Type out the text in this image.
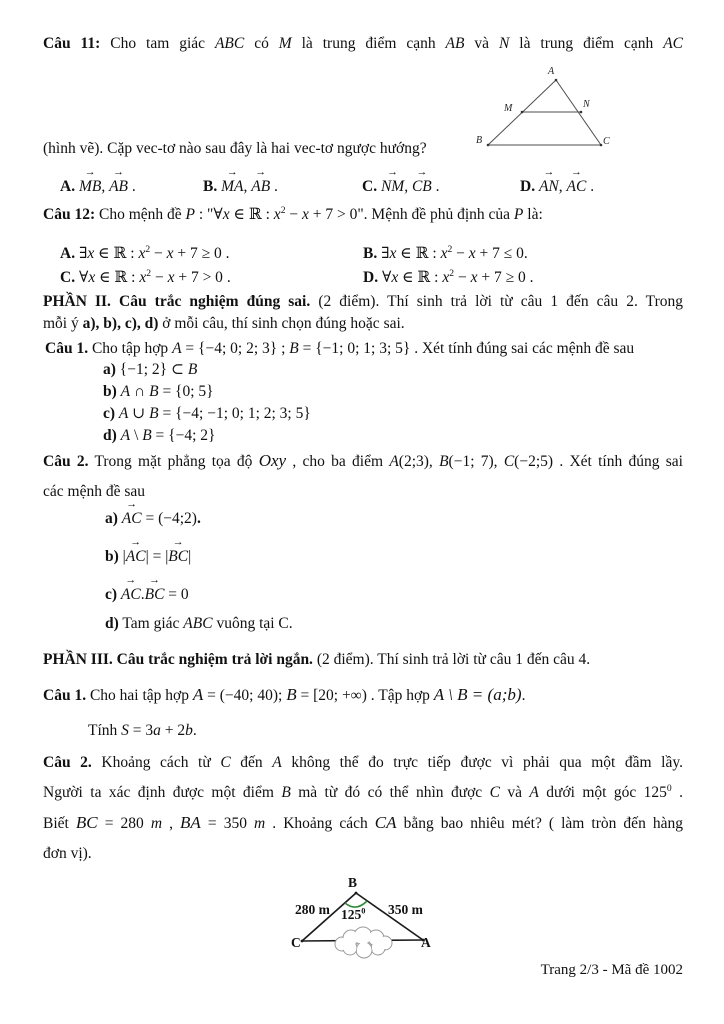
Câu 11: Cho tam giác ABC có M là trung điểm cạnh AB và N là trung điểm cạnh AC
A
M	N
B	C
(hình vẽ). Cặp vec-tơ nào sau đây là hai vec-tơ ngược hướng?
A. MB →, AB → .	B. MA →, AB → .	C. NM →, CB → .	D. AN →, AC → .
Câu 12: Cho mệnh đề P : "∀x ∈ ℝ : $x^2 - x + 7 > 0$". Mệnh đề phủ định của P là:
A. ∃x ∈ ℝ : $x^2 - x + 7 \ge 0$ .	B. ∃x ∈ ℝ : $x^2 - x + 7 \le 0$.
C. ∀x ∈ ℝ : $x^2 - x + 7 > 0$ .	D. ∀x ∈ ℝ : $x^2 - x + 7 \ge 0$ .
PHẦN II. Câu trắc nghiệm đúng sai. (2 điểm). Thí sinh trả lời từ câu 1 đến câu 2. Trong
mỗi ý a), b), c), d) ở mỗi câu, thí sinh chọn đúng hoặc sai.
Câu 1. Cho tập hợp A = {−4; 0; 2; 3} ; B = {−1; 0; 1; 3; 5} . Xét tính đúng sai các mệnh đề sau
a) {−1; 2} ⊂ B
b) A ∩ B = {0; 5}
c) A ∪ B = {−4; −1; 0; 1; 2; 3; 5}
d) A \ B = {−4; 2}
Câu 2. Trong mặt phẳng tọa độ Oxy , cho ba điểm A(2;3), B(−1; 7), C(−2;5) . Xét tính đúng sai
các mệnh đề sau
a) AC → = (−4;2).
b) |AC →| = |BC →|
c) AC →.BC → = 0
d) Tam giác ABC vuông tại C.
PHẦN III. Câu trắc nghiệm trả lời ngắn. (2 điểm). Thí sinh trả lời từ câu 1 đến câu 4.
Câu 1. Cho hai tập hợp A = (−40; 40); B = [20; +∞) . Tập hợp A \ B = (a;b).
Tính S = 3a + 2b.
Câu 2. Khoảng cách từ C đến A không thể đo trực tiếp được vì phải qua một đầm lầy.
Người ta xác định được một điểm B mà từ đó có thể nhìn được C và A dưới một góc $125^0$ .
Biết BC = 280 m , BA = 350 m . Khoảng cách CA bằng bao nhiêu mét? ( làm tròn đến hàng
đơn vị).
B
280 m $125^0$ 350 m
C	A
Trang 2/3 - Mã đề 1002
